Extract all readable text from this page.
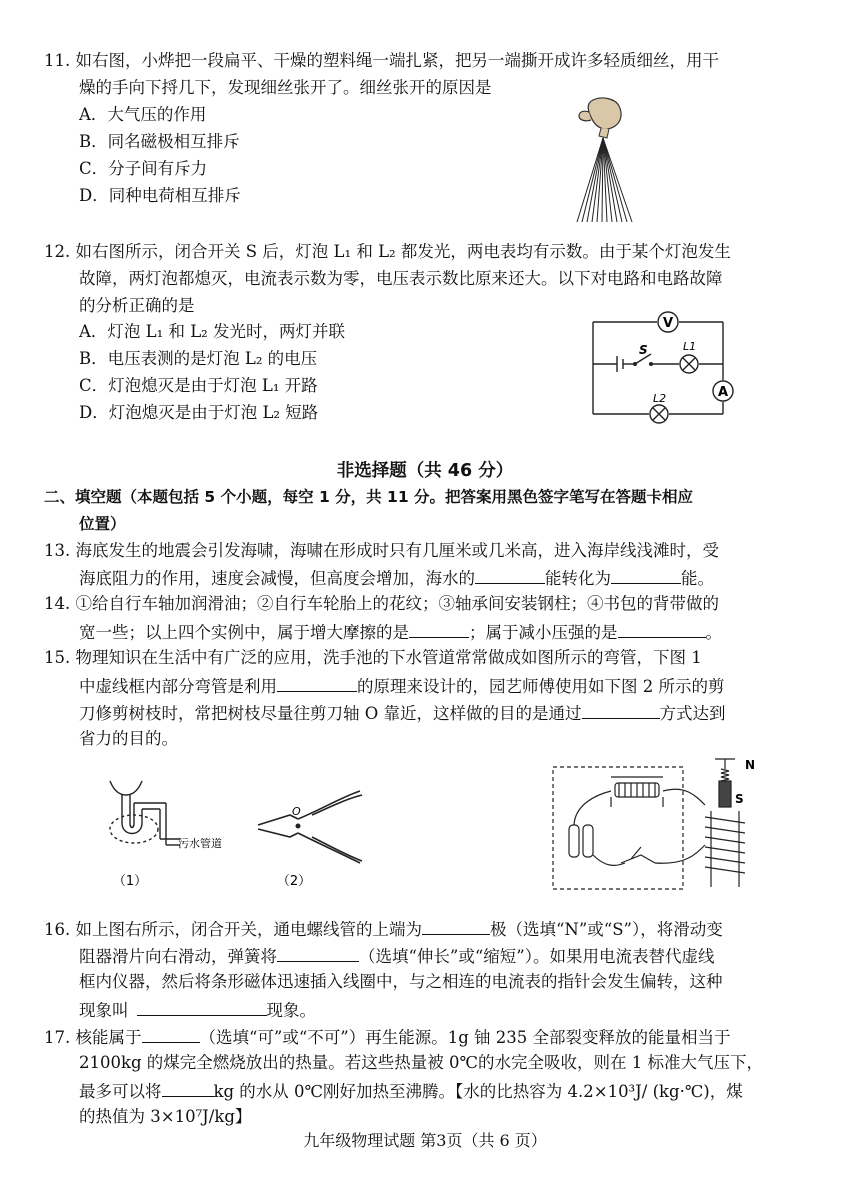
11. 如右图，小烨把一段扁平、干燥的塑料绳一端扎紧，把另一端撕开成许多轻质细丝，用干
燥的手向下捋几下，发现细丝张开了。细丝张开的原因是
A．大气压的作用
B．同名磁极相互排斥
C．分子间有斥力
D．同种电荷相互排斥
12. 如右图所示，闭合开关 S 后，灯泡 L₁ 和 L₂ 都发光，两电表均有示数。由于某个灯泡发生
故障，两灯泡都熄灭，电流表示数为零，电压表示数比原来还大。以下对电路和电路故障
的分析正确的是
A．灯泡 L₁ 和 L₂ 发光时，两灯并联
B．电压表测的是灯泡 L₂ 的电压
C．灯泡熄灭是由于灯泡 L₁ 开路
D．灯泡熄灭是由于灯泡 L₂ 短路
V
A
S	L1
L2
非选择题（共 46 分）
二、填空题（本题包括 5 个小题，每空 1 分，共 11 分。把答案用黑色签字笔写在答题卡相应
位置）
13. 海底发生的地震会引发海啸，海啸在形成时只有几厘米或几米高，进入海岸线浅滩时，受
海底阻力的作用，速度会减慢，但高度会增加，海水的	能转化为	能。
14. ①给自行车轴加润滑油；②自行车轮胎上的花纹；③轴承间安装钢柱；④书包的背带做的
宽一些；以上四个实例中，属于增大摩擦的是	；属于减小压强的是	。
15. 物理知识在生活中有广泛的应用，洗手池的下水管道常常做成如图所示的弯管，下图 1
中虚线框内部分弯管是利用	的原理来设计的，园艺师傅使用如下图 2 所示的剪
刀修剪树枝时，常把树枝尽量往剪刀轴 O 靠近，这样做的目的是通过	方式达到
省力的目的。
污水管道
（1）
O
（2）
N
S
16. 如上图右所示，闭合开关，通电螺线管的上端为	极（选填“N”或“S”），将滑动变
阻器滑片向右滑动，弹簧将	（选填“伸长”或“缩短”）。如果用电流表替代虚线
框内仪器，然后将条形磁体迅速插入线圈中，与之相连的电流表的指针会发生偏转，这种
现象叫	现象。
17. 核能属于	（选填“可”或“不可”）再生能源。1g 铀 235 全部裂变释放的能量相当于
2100kg 的煤完全燃烧放出的热量。若这些热量被 0℃的水完全吸收，则在 1 标准大气压下，
最多可以将	kg 的水从 0℃刚好加热至沸腾。【水的比热容为 4.2×10³J/ (kg·℃)，煤
的热值为 3×10⁷J/kg】
九年级物理试题 第3页（共 6 页）
